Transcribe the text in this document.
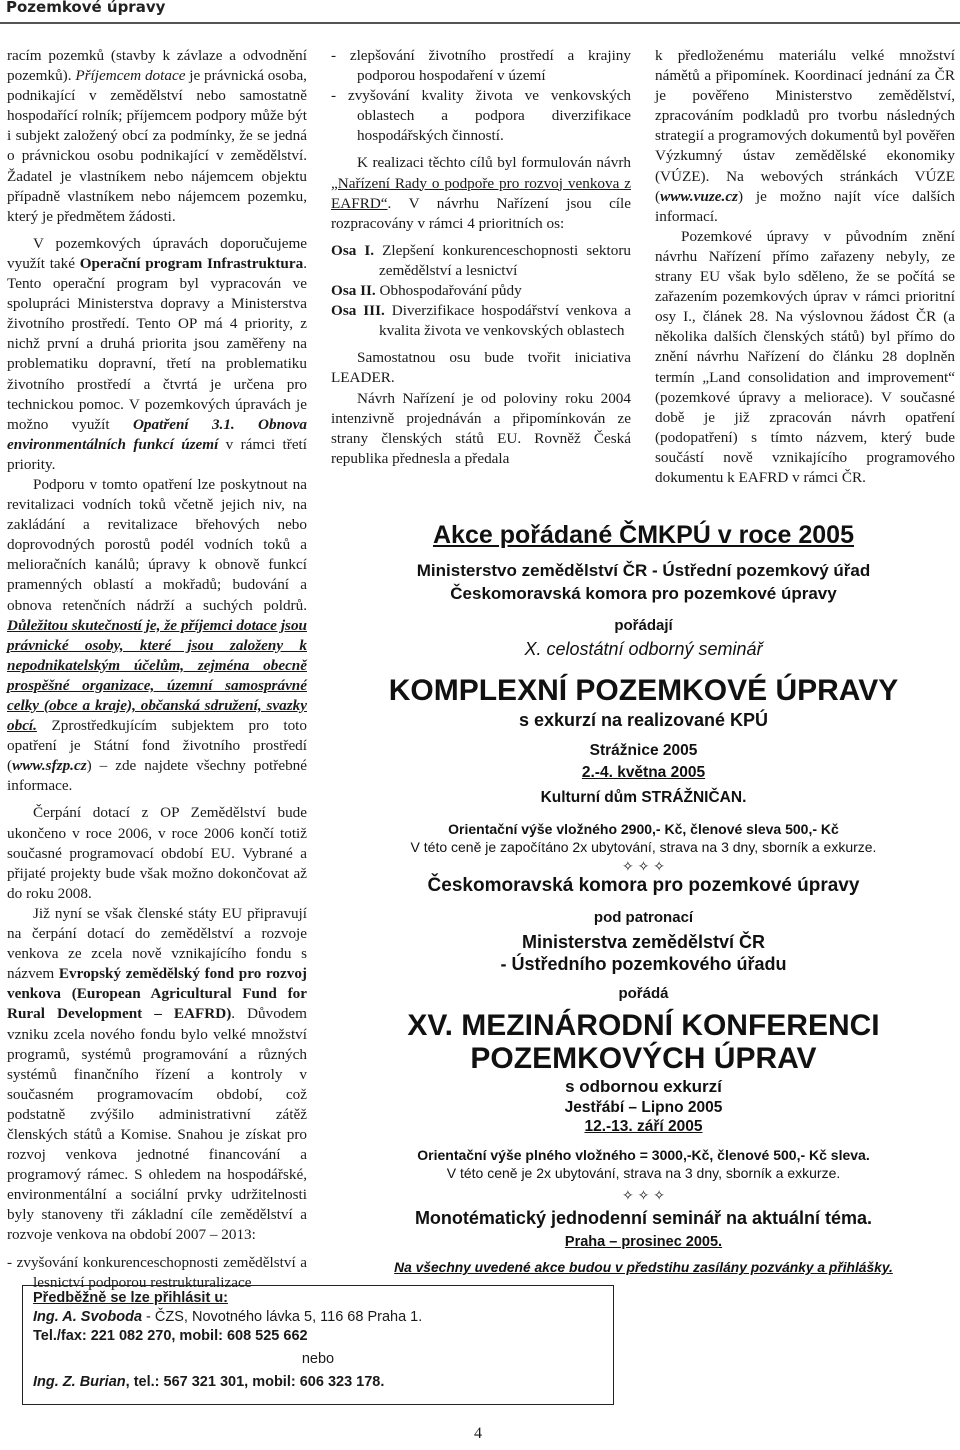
Pozemkové úpravy

racím pozemků (stavby k závlaze a odvodnění pozemků). Příjemcem dotace je právnická osoba, podnikající v zemědělství nebo samostatně hospodařící rolník; příjemcem podpory může být i subjekt založený obcí za podmínky, že se jedná o právnickou osobu podnikající v zemědělství. Žadatel je vlastníkem nebo nájemcem objektu případně vlastníkem nebo nájemcem pozemku, který je předmětem žádosti.

V pozemkových úpravách doporučujeme využít také Operační program Infrastruktura. Tento operační program byl vypracován ve spolupráci Ministerstva dopravy a Ministerstva životního prostředí. Tento OP má 4 priority, z nichž první a druhá priorita jsou zaměřeny na problematiku dopravní, třetí na problematiku životního prostředí a čtvrtá je určena pro technickou pomoc. V pozemkových úpravách je možno využít Opatření 3.1. Obnova environmentálních funkcí území v rámci třetí priority.

Podporu v tomto opatření lze poskytnout na revitalizaci vodních toků včetně jejich niv, na zakládání a revitalizace břehových nebo doprovodných porostů podél vodních toků a melioračních kanálů; úpravy k obnově funkcí pramenných oblastí a mokřadů; budování a obnova retenčních nádrží a suchých poldrů. Důležitou skutečností je, že příjemci dotace jsou právnické osoby, které jsou založeny k nepodnikatelským účelům, zejména obecně prospěšné organizace, územní samosprávné celky (obce a kraje), občanská sdružení, svazky obcí. Zprostředkujícím subjektem pro toto opatření je Státní fond životního prostředí (www.sfzp.cz) – zde najdete všechny potřebné informace.

Čerpání dotací z OP Zemědělství bude ukončeno v roce 2006, v roce 2006 končí totiž současné programovací období EU. Vybrané a přijaté projekty bude však možno dokončovat až do roku 2008.

Již nyní se však členské státy EU připravují na čerpání dotací do zemědělství a rozvoje venkova ze zcela nově vznikajícího fondu s názvem Evropský zemědělský fond pro rozvoj venkova (European Agricultural Fund for Rural Development – EAFRD). Důvodem vzniku zcela nového fondu bylo velké množství programů, systémů programování a různých systémů finančního řízení a kontroly v současném programovacím období, což podstatně zvýšilo administrativní zátěž členských států a Komise. Snahou je získat pro rozvoj venkova jednotné financování a programový rámec. S ohledem na hospodářské, environmentální a sociální prvky udržitelnosti byly stanoveny tři základní cíle zemědělství a rozvoje venkova na období 2007 – 2013:

- zvyšování konkurenceschopnosti zemědělství a lesnictví podporou restrukturalizace

- zlepšování životního prostředí a krajiny podporou hospodaření v území

- zvyšování kvality života ve venkovských oblastech a podpora diverzifikace hospodářských činností.

K realizaci těchto cílů byl formulován návrh „Nařízení Rady o podpoře pro rozvoj venkova z EAFRD“. V návrhu Nařízení jsou cíle rozpracovány v rámci 4 prioritních os:

Osa I. Zlepšení konkurenceschopnosti sektoru zemědělství a lesnictví

Osa II. Obhospodařování půdy

Osa III. Diverzifikace hospodářství venkova a kvalita života ve venkovských oblastech

Samostatnou osu bude tvořit iniciativa LEADER.

Návrh Nařízení je od poloviny roku 2004 intenzivně projednáván a připomínkován ze strany členských států EU. Rovněž Česká republika přednesla a předala

k předloženému materiálu velké množství námětů a připomínek. Koordinací jednání za ČR je pověřeno Ministerstvo zemědělství, zpracováním podkladů pro tvorbu následných strategií a programových dokumentů byl pověřen Výzkumný ústav zemědělské ekonomiky (VÚZE). Na webových stránkách VÚZE (www.vuze.cz) je možno najít více dalších informací.

Pozemkové úpravy v původním znění návrhu Nařízení přímo zařazeny nebyly, ze strany EU však bylo sděleno, že se počítá se zařazením pozemkových úprav v rámci prioritní osy I., článek 28. Na výslovnou žádost ČR (a několika dalších členských států) byl přímo do znění návrhu Nařízení do článku 28 doplněn termín „Land consolidation and improvement“ (pozemkové úpravy a meliorace). V současné době je již zpracován návrh opatření (podopatření) s tímto názvem, který bude součástí nově vznikajícího programového dokumentu k EAFRD v rámci ČR.

Akce pořádané ČMKPÚ v roce 2005
Ministerstvo zemědělství ČR - Ústřední pozemkový úřad
Českomoravská komora pro pozemkové úpravy
pořádají
X. celostátní odborný seminář
KOMPLEXNÍ POZEMKOVÉ ÚPRAVY
s exkurzí na realizované KPÚ
Strážnice 2005
2.-4. května 2005
Kulturní dům STRÁŽNIČAN.
Orientační výše vložného 2900,- Kč, členové sleva 500,- Kč
V této ceně je započítáno 2x ubytování, strava na 3 dny, sborník a exkurze.
✧ ✧ ✧
Českomoravská komora pro pozemkové úpravy
pod patronací
Ministerstva zemědělství ČR
- Ústředního pozemkového úřadu
pořádá
XV. MEZINÁRODNÍ KONFERENCI
POZEMKOVÝCH ÚPRAV
s odbornou exkurzí
Jestřábí – Lipno 2005
12.-13. září 2005
Orientační výše plného vložného = 3000,-Kč, členové 500,- Kč sleva.
V této ceně je 2x ubytování, strava na 3 dny, sborník a exkurze.
✧ ✧ ✧
Monotématický jednodenní seminář na aktuální téma.
Praha – prosinec 2005.
Na všechny uvedené akce budou v předstihu zasílány pozvánky a přihlášky.
Předběžně se lze přihlásit u:
Ing. A. Svoboda - ČZS, Novotného lávka 5, 116 68 Praha 1.
Tel./fax: 221 082 270, mobil: 608 525 662
nebo
Ing. Z. Burian, tel.: 567 321 301, mobil: 606 323 178.
4
